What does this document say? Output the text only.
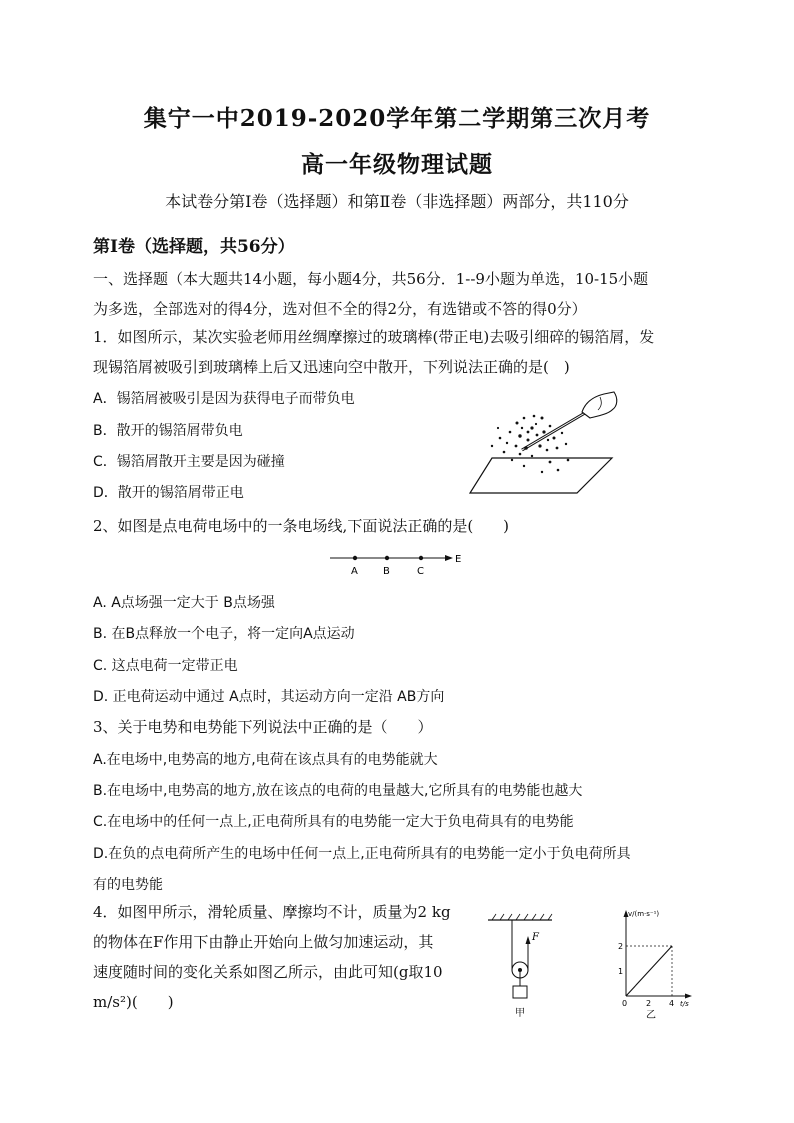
集宁一中2019-2020学年第二学期第三次月考
高一年级物理试题
本试卷分第Ⅰ卷（选择题）和第Ⅱ卷（非选择题）两部分，共110分
第Ⅰ卷（选择题，共56分）
一、选择题（本大题共14小题，每小题4分，共56分．1--9小题为单选，10-15小题
为多选，全部选对的得4分，选对但不全的得2分，有选错或不答的得0分）
1．如图所示，某次实验老师用丝绸摩擦过的玻璃棒(带正电)去吸引细碎的锡箔屑，发
现锡箔屑被吸引到玻璃棒上后又迅速向空中散开，下列说法正确的是(　)
A．锡箔屑被吸引是因为获得电子而带负电
B．散开的锡箔屑带负电
C．锡箔屑散开主要是因为碰撞
D．散开的锡箔屑带正电
2、如图是点电荷电场中的一条电场线,下面说法正确的是(　　)
A	B	C
E
A. A点场强一定大于 B点场强
B. 在B点释放一个电子，将一定向A点运动
C. 这点电荷一定带正电
D. 正电荷运动中通过 A点时，其运动方向一定沿 AB方向
3、关于电势和电势能下列说法中正确的是（　　）
A.在电场中,电势高的地方,电荷在该点具有的电势能就大
B.在电场中,电势高的地方,放在该点的电荷的电量越大,它所具有的电势能也越大
C.在电场中的任何一点上,正电荷所具有的电势能一定大于负电荷具有的电势能
D.在负的点电荷所产生的电场中任何一点上,正电荷所具有的电势能一定小于负电荷所具
有的电势能
4．如图甲所示，滑轮质量、摩擦均不计，质量为2 kg
的物体在F作用下由静止开始向上做匀加速运动，其
速度随时间的变化关系如图乙所示，由此可知(g取10
m/s²)(　　)
F
甲
v/(m·s⁻¹)
2
1
0 2 4 t/s
乙
